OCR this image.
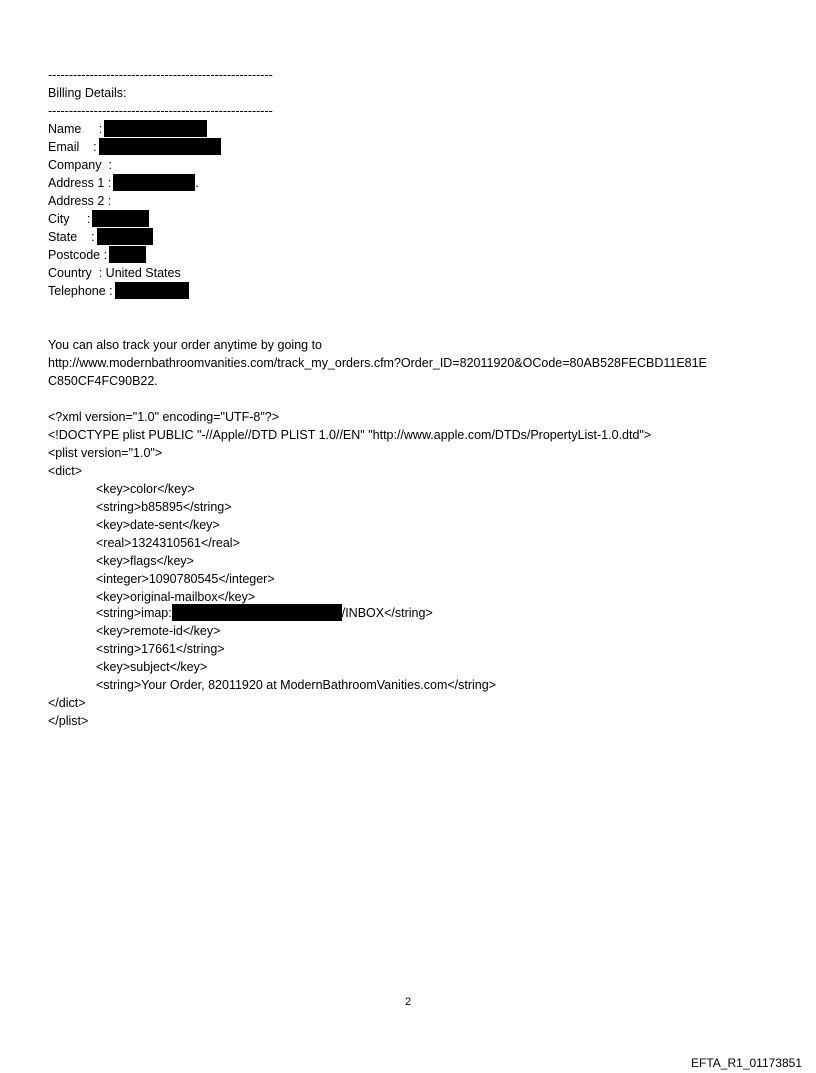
------------------------------------------------------
Billing Details:
------------------------------------------------------
Name     :
Email    :
Company  :
Address 1 :	.
Address 2 :
City     :
State    :
Postcode :
Country  : United States
Telephone :
You can also track your order anytime by going to
http://www.modernbathroomvanities.com/track_my_orders.cfm?Order_ID=82011920&OCode=80AB528FECBD11E81E
C850CF4FC90B22.
<?xml version="1.0" encoding="UTF-8"?>
<!DOCTYPE plist PUBLIC "-//Apple//DTD PLIST 1.0//EN" "http://www.apple.com/DTDs/PropertyList-1.0.dtd">
<plist version="1.0">
<dict>
<key>color</key>
<string>b85895</string>
<key>date-sent</key>
<real>1324310561</real>
<key>flags</key>
<integer>1090780545</integer>
<key>original-mailbox</key>
<string>imap:	/INBOX</string>
<key>remote-id</key>
<string>17661</string>
<key>subject</key>
<string>Your Order, 82011920 at ModernBathroomVanities.com</string>
</dict>
</plist>
2
EFTA_R1_01173851
